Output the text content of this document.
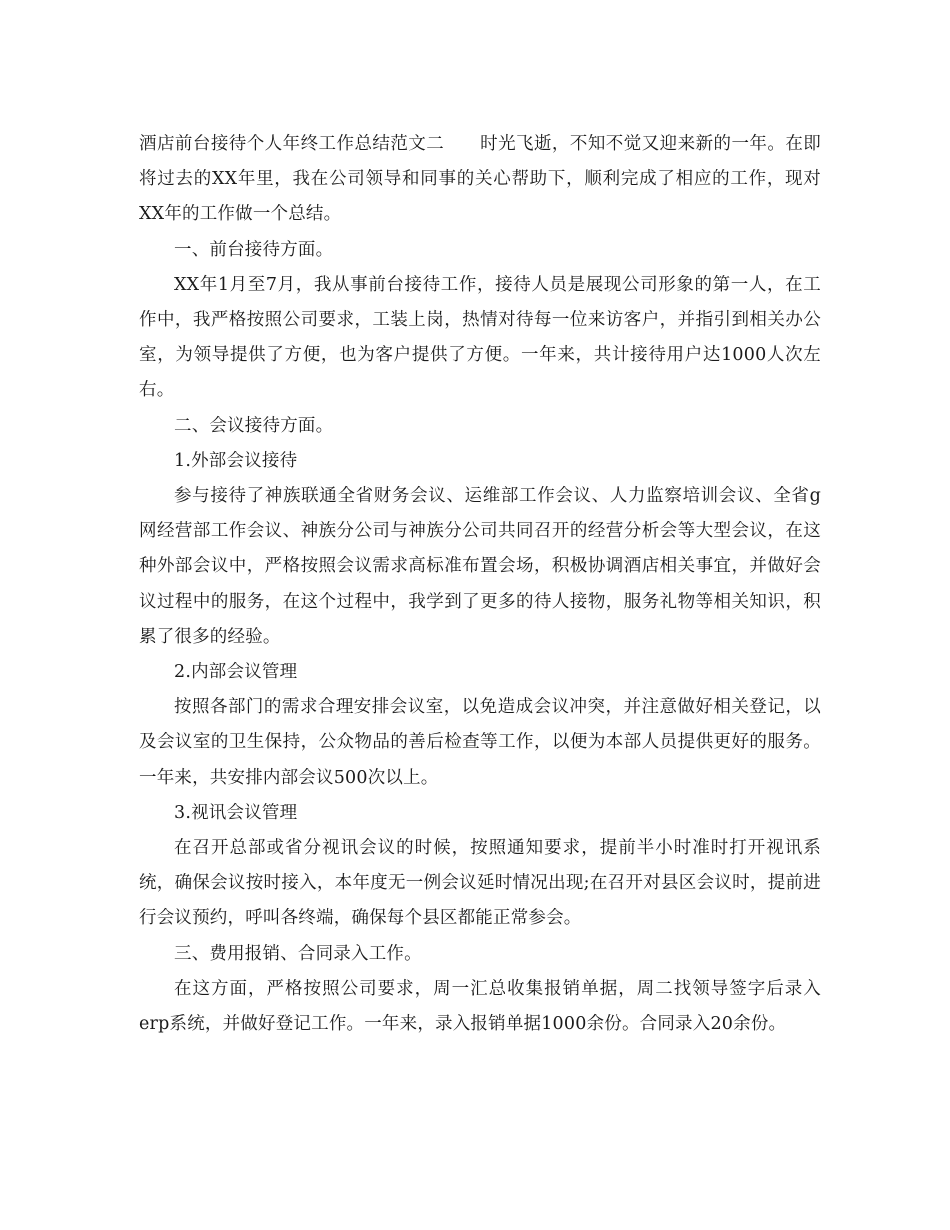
酒店前台接待个人年终工作总结范文二　　时光飞逝，不知不觉又迎来新的一年。在即将过去的XX年里，我在公司领导和同事的关心帮助下，顺利完成了相应的工作，现对XX年的工作做一个总结。

一、前台接待方面。

XX年1月至7月，我从事前台接待工作，接待人员是展现公司形象的第一人，在工作中，我严格按照公司要求，工装上岗，热情对待每一位来访客户，并指引到相关办公室，为领导提供了方便，也为客户提供了方便。一年来，共计接待用户达1000人次左右。

二、会议接待方面。

1.外部会议接待

参与接待了神族联通全省财务会议、运维部工作会议、人力监察培训会议、全省g网经营部工作会议、神族分公司与神族分公司共同召开的经营分析会等大型会议，在这种外部会议中，严格按照会议需求高标准布置会场，积极协调酒店相关事宜，并做好会议过程中的服务，在这个过程中，我学到了更多的待人接物，服务礼物等相关知识，积累了很多的经验。

2.内部会议管理

按照各部门的需求合理安排会议室，以免造成会议冲突，并注意做好相关登记，以及会议室的卫生保持，公众物品的善后检查等工作，以便为本部人员提供更好的服务。一年来，共安排内部会议500次以上。

3.视讯会议管理

在召开总部或省分视讯会议的时候，按照通知要求，提前半小时准时打开视讯系统，确保会议按时接入，本年度无一例会议延时情况出现;在召开对县区会议时，提前进行会议预约，呼叫各终端，确保每个县区都能正常参会。

三、费用报销、合同录入工作。

在这方面，严格按照公司要求，周一汇总收集报销单据，周二找领导签字后录入erp系统，并做好登记工作。一年来，录入报销单据1000余份。合同录入20余份。
